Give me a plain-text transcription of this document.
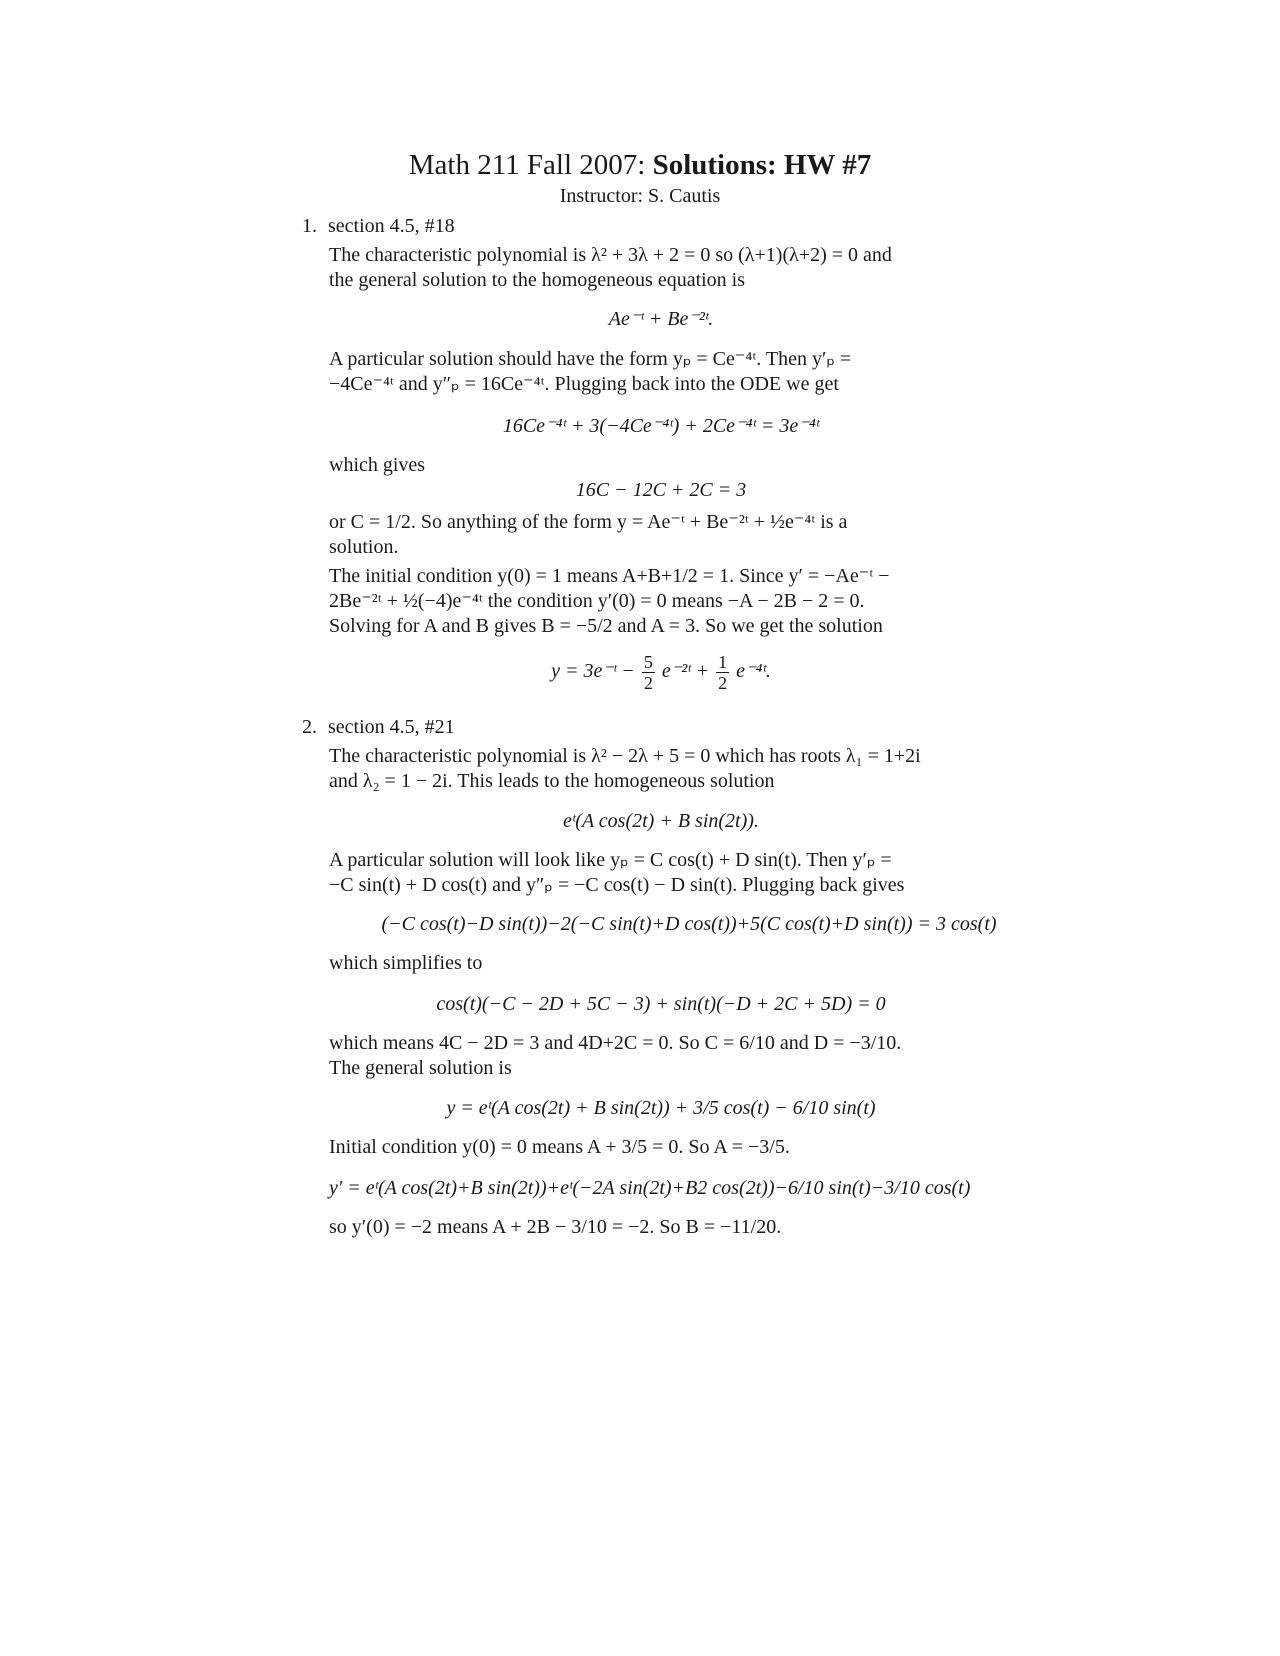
Math 211 Fall 2007: Solutions: HW #7
Instructor: S. Cautis
1. section 4.5, #18
The characteristic polynomial is λ² + 3λ + 2 = 0 so (λ+1)(λ+2) = 0 and
the general solution to the homogeneous equation is
Ae⁻ᵗ + Be⁻²ᵗ.
A particular solution should have the form yₚ = Ce⁻⁴ᵗ. Then y′ₚ =
−4Ce⁻⁴ᵗ and y″ₚ = 16Ce⁻⁴ᵗ. Plugging back into the ODE we get
16Ce⁻⁴ᵗ + 3(−4Ce⁻⁴ᵗ) + 2Ce⁻⁴ᵗ = 3e⁻⁴ᵗ
which gives
16C − 12C + 2C = 3
or C = 1/2. So anything of the form y = Ae⁻ᵗ + Be⁻²ᵗ + ½e⁻⁴ᵗ is a
solution.
The initial condition y(0) = 1 means A+B+1/2 = 1. Since y′ = −Ae⁻ᵗ −
2Be⁻²ᵗ + ½(−4)e⁻⁴ᵗ the condition y′(0) = 0 means −A − 2B − 2 = 0.
Solving for A and B gives B = −5/2 and A = 3. So we get the solution
y = 3e⁻ᵗ − $\frac{5}{2}$ e⁻²ᵗ + $\frac{1}{2}$ e⁻⁴ᵗ.
2. section 4.5, #21
The characteristic polynomial is λ² − 2λ + 5 = 0 which has roots λ₁ = 1+2i
and λ₂ = 1 − 2i. This leads to the homogeneous solution
eᵗ(A cos(2t) + B sin(2t)).
A particular solution will look like yₚ = C cos(t) + D sin(t). Then y′ₚ =
−C sin(t) + D cos(t) and y″ₚ = −C cos(t) − D sin(t). Plugging back gives
(−C cos(t)−D sin(t))−2(−C sin(t)+D cos(t))+5(C cos(t)+D sin(t)) = 3 cos(t)
which simplifies to
cos(t)(−C − 2D + 5C − 3) + sin(t)(−D + 2C + 5D) = 0
which means 4C − 2D = 3 and 4D+2C = 0. So C = 6/10 and D = −3/10.
The general solution is
y = eᵗ(A cos(2t) + B sin(2t)) + 3/5 cos(t) − 6/10 sin(t)
Initial condition y(0) = 0 means A + 3/5 = 0. So A = −3/5.
y′ = eᵗ(A cos(2t)+B sin(2t))+eᵗ(−2A sin(2t)+B2 cos(2t))−6/10 sin(t)−3/10 cos(t)
so y′(0) = −2 means A + 2B − 3/10 = −2. So B = −11/20.
